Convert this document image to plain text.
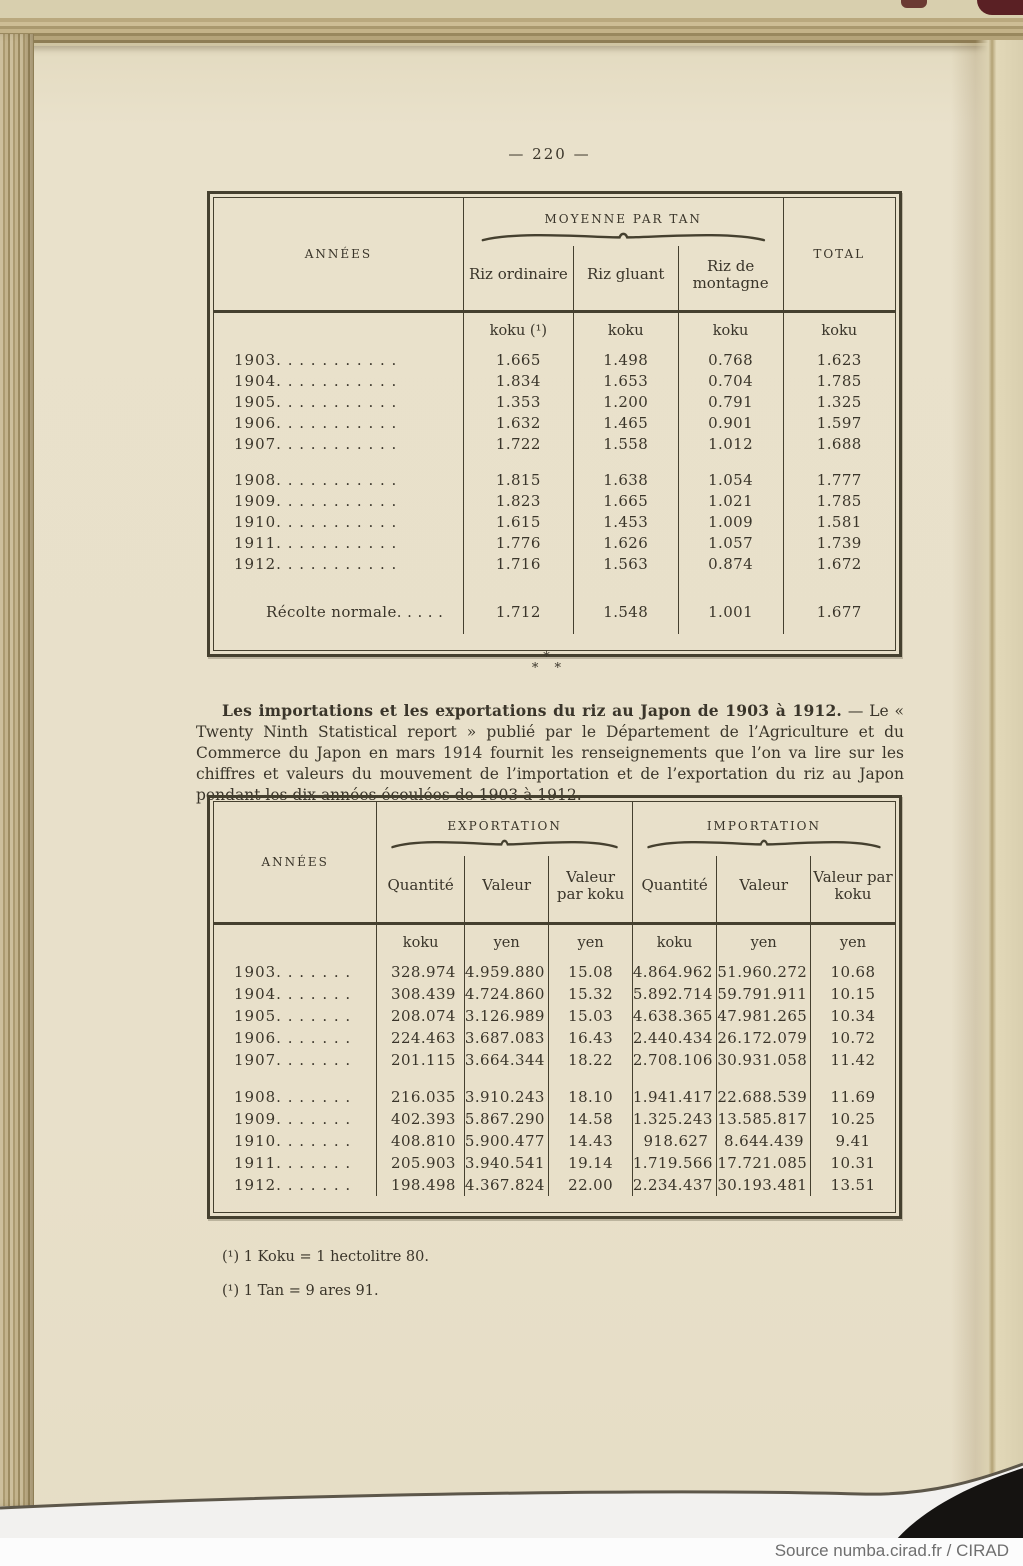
— 220 —
ANNÉES	MOYENNE PAR TAN			TOTAL
	Riz ordinaire	Riz gluant	Riz de montagne	
	koku (¹)	koku	koku	koku
1903. . . . . . . . . . .	1.665	1.498	0.768	1.623
1904. . . . . . . . . . .	1.834	1.653	0.704	1.785
1905. . . . . . . . . . .	1.353	1.200	0.791	1.325
1906. . . . . . . . . . .	1.632	1.465	0.901	1.597
1907. . . . . . . . . . .	1.722	1.558	1.012	1.688

1908. . . . . . . . . . .	1.815	1.638	1.054	1.777
1909. . . . . . . . . . .	1.823	1.665	1.021	1.785
1910. . . . . . . . . . .	1.615	1.453	1.009	1.581
1911. . . . . . . . . . .	1.776	1.626	1.057	1.739
1912. . . . . . . . . . .	1.716	1.563	0.874	1.672

Récolte normale. . . . .	1.712	1.548	1.001	1.677
*
* *

Les importations et les exportations du riz au Japon de 1903 à 1912. — Le « Twenty Ninth Statistical report » publié par le Département de l’Agriculture et du Commerce du Japon en mars 1914 fournit les renseignements que l’on va lire sur les chiffres et valeurs du mouvement de l’importation et de l’exportation du riz au Japon pendant les dix années écoulées de 1903 à 1912.

ANNÉES	EXPORTATION			IMPORTATION		

	Quantité	Valeur	Valeur par koku	Quantité	Valeur	Valeur par koku
	koku	yen	yen	koku	yen	yen
1903. . . . . . .	328.974	4.959.880	15.08	4.864.962	51.960.272	10.68
1904. . . . . . .	308.439	4.724.860	15.32	5.892.714	59.791.911	10.15
1905. . . . . . .	208.074	3.126.989	15.03	4.638.365	47.981.265	10.34
1906. . . . . . .	224.463	3.687.083	16.43	2.440.434	26.172.079	10.72
1907. . . . . . .	201.115	3.664.344	18.22	2.708.106	30.931.058	11.42

1908. . . . . . .	216.035	3.910.243	18.10	1.941.417	22.688.539	11.69
1909. . . . . . .	402.393	5.867.290	14.58	1.325.243	13.585.817	10.25
1910. . . . . . .	408.810	5.900.477	14.43	918.627	8.644.439	9.41
1911. . . . . . .	205.903	3.940.541	19.14	1.719.566	17.721.085	10.31
1912. . . . . . .	198.498	4.367.824	22.00	2.234.437	30.193.481	13.51
(¹) 1 Koku = 1 hectolitre 80.
(¹) 1 Tan = 9 ares 91.
Source numba.cirad.fr / CIRAD
